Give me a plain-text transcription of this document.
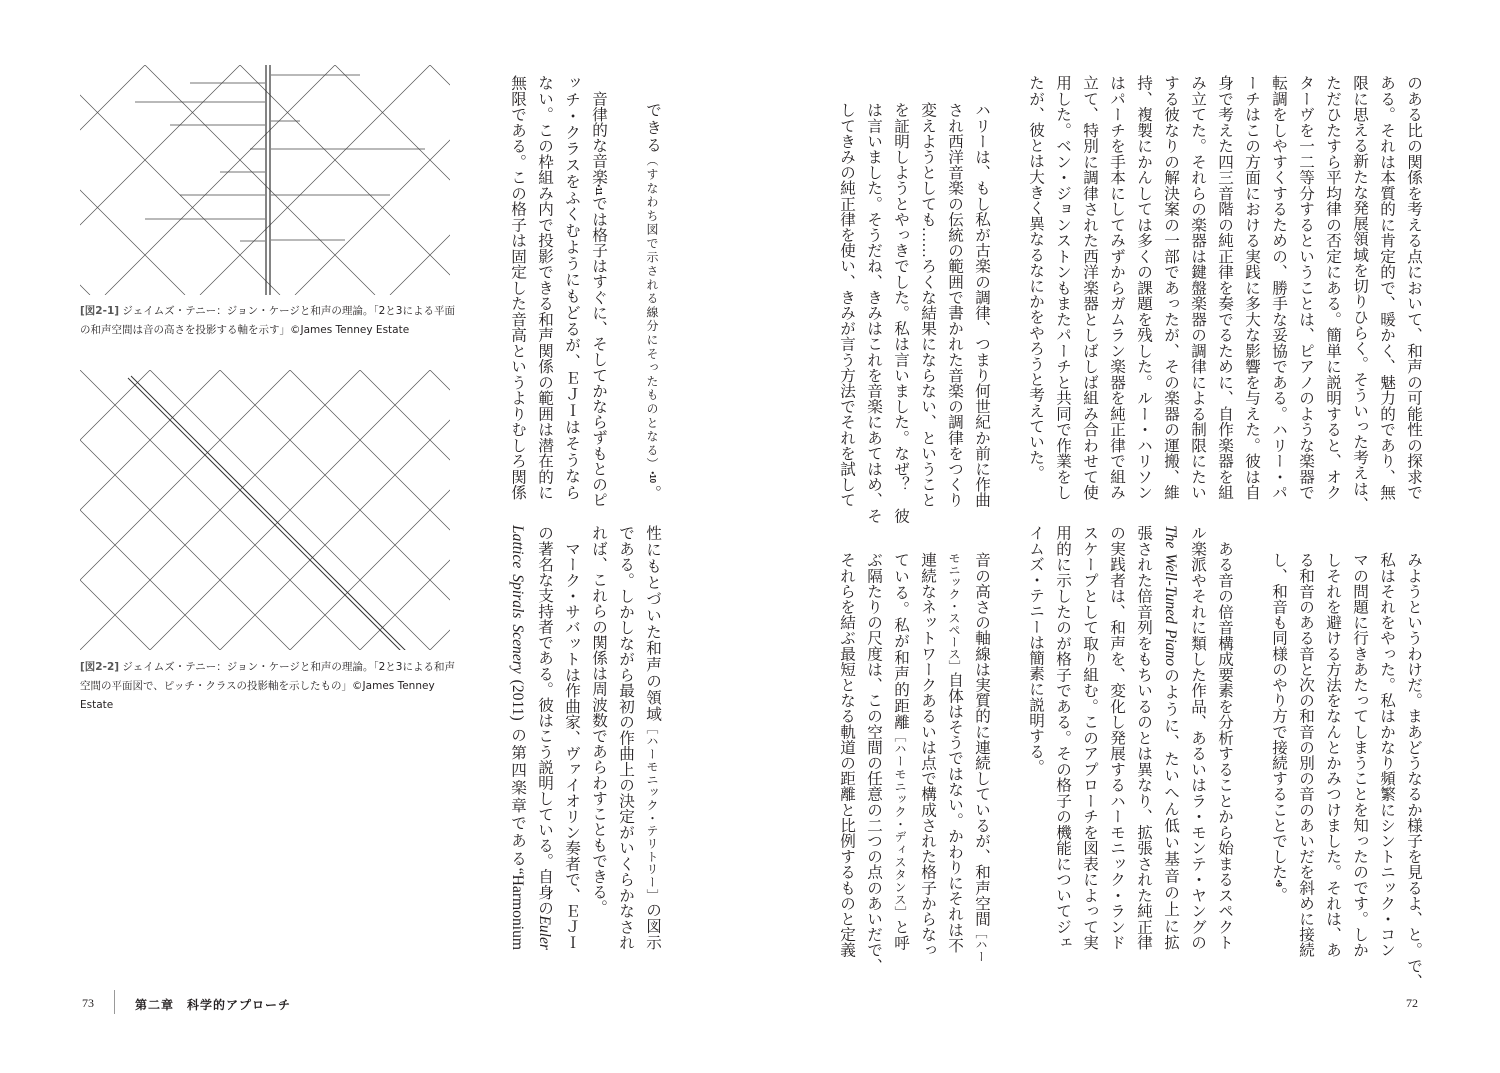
[図2-1] ジェイムズ・テニー：ジョン・ケージと和声の理論。「2と3による平面の和声空間は音の高さを投影する軸を示す」©James Tenney Estate
[図2-2] ジェイムズ・テニー：ジョン・ケージと和声の理論。「2と3による和声空間の平面図で、ピッチ・クラスの投影軸を示したもの」©James Tenney Estate
できる（すなわち図で示される線分にそったものとなる）•10。
　音律的な音楽•11では格子はすぐに、そしてかならずもとのピ
ッチ・クラスをふくむようにもどるが、ＥＪＩはそうなら
ない。この枠組み内で投影できる和声関係の範囲は潜在的に
無限である。この格子は固定した音高というよりむしろ関係
性にもとづいた和声の領域［ハーモニック・テリトリー］の図示
である。しかしながら最初の作曲上の決定がいくらかなされ
れば、これらの関係は周波数であらわすこともできる。
　マーク・サバットは作曲家、ヴァイオリン奏者で、ＥＪＩ
の著名な支持者である。彼はこう説明している。自身のEuler
Lattice Spirals Scenery (2011) の第四楽章である“Harmonium
のある比の関係を考える点において、和声の可能性の探求で
ある。それは本質的に肯定的で、暖かく、魅力的であり、無
限に思える新たな発展領域を切りひらく。そういった考えは、
ただひたすら平均律の否定にある。簡単に説明すると、オク
ターヴを一二等分するということは、ピアノのような楽器で
転調をしやすくするための、勝手な妥協である。ハリー・パ
ーチはこの方面における実践に多大な影響を与えた。彼は自
身で考えた四三音階の純正律を奏でるために、自作楽器を組
み立てた。それらの楽器は鍵盤楽器の調律による制限にたい
する彼なりの解決案の一部であったが、その楽器の運搬、維
持、複製にかんしては多くの課題を残した。ルー・ハリソン
はパーチを手本にしてみずからガムラン楽器を純正律で組み
立て、特別に調律された西洋楽器としばしば組み合わせて使
用した。ベン・ジョンストンもまたパーチと共同で作業をし
たが、彼とは大きく異なるなにかをやろうと考えていた。
ハリーは、もし私が古楽の調律、つまり何世紀か前に作曲
され西洋音楽の伝統の範囲で書かれた音楽の調律をつくり
変えようとしても……ろくな結果にならない、ということ
を証明しようとやっきでした。私は言いました。なぜ？　彼
は言いました。そうだね、きみはこれを音楽にあてはめ、そ
してきみの純正律を使い、きみが言う方法でそれを試して
みようというわけだ。まあどうなるか様子を見るよ、と。で、
私はそれをやった。私はかなり頻繁にシントニック・コン
マの問題に行きあたってしまうことを知ったのです。しか
しそれを避ける方法をなんとかみつけました。それは、あ
る和音のある音と次の和音の別の音のあいだを斜めに接続
し、和音も同様のやり方で接続することでした•9。
　ある音の倍音構成要素を分析することから始まるスペクト
ル楽派やそれに類した作品、あるいはラ・モンテ・ヤングの
The Well-Tuned Pianoのように、たいへん低い基音の上に拡
張された倍音列をもちいるのとは異なり、拡張された純正律
の実践者は、和声を、変化し発展するハーモニック・ランド
スケープとして取り組む。このアプローチを図表によって実
用的に示したのが格子である。その格子の機能についてジェ
イムズ・テニーは簡素に説明する。
音の高さの軸線は実質的に連続しているが、和声空間［ハー
モニック・スペース］自体はそうではない。かわりにそれは不
連続なネットワークあるいは点で構成された格子からなっ
ている。私が和声的距離［ハーモニック・ディスタンス］と呼
ぶ隔たりの尺度は、この空間の任意の二つの点のあいだで、
それらを結ぶ最短となる軌道の距離と比例するものと定義
73	第二章　科学的アプローチ	72
